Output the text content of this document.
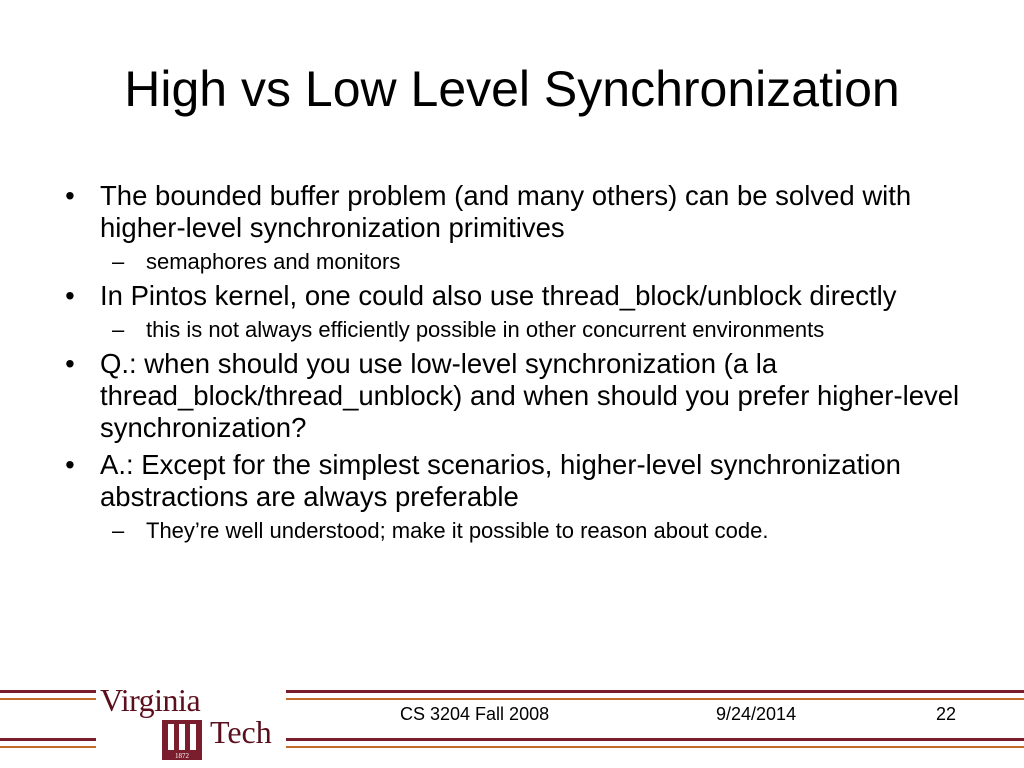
High vs Low Level Synchronization
• The bounded buffer problem (and many others) can be solved with higher-level synchronization primitives
– semaphores and monitors
• In Pintos kernel, one could also use thread_block/unblock directly
– this is not always efficiently possible in other concurrent environments
• Q.: when should you use low-level synchronization (a la thread_block/thread_unblock) and when should you prefer higher-level synchronization?
• A.: Except for the simplest scenarios, higher-level synchronization abstractions are always preferable
– They’re well understood; make it possible to reason about code.
Virginia
1872
Tech	CS 3204 Fall 2008	9/24/2014	22
